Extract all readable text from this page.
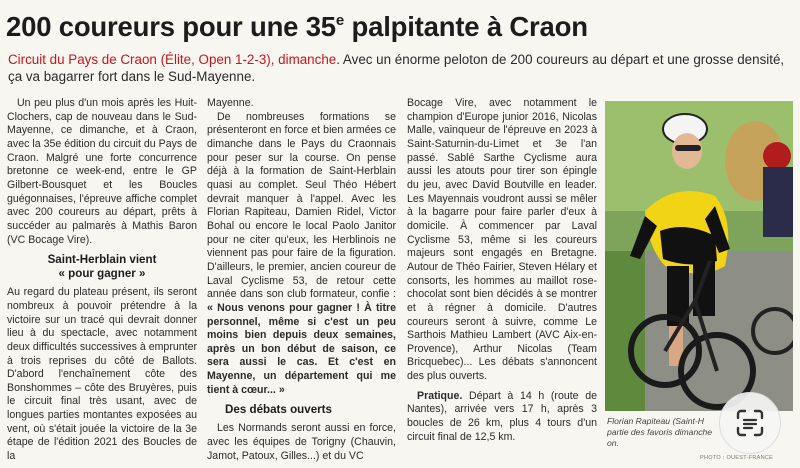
200 coureurs pour une 35e palpitante à Craon

Circuit du Pays de Craon (Élite, Open 1-2-3), dimanche. Avec un énorme peloton de 200 coureurs au départ et une grosse densité, ça va bagarrer fort dans le Sud-Mayenne.

Un peu plus d'un mois après les Huit-Clochers, cap de nouveau dans le Sud-Mayenne, ce dimanche, et à Craon, avec la 35e édition du circuit du Pays de Craon. Malgré une forte concurrence bretonne ce week-end, entre le GP Gilbert-Bousquet et les Boucles guégonnaises, l'épreuve affiche complet avec 200 coureurs au départ, prêts à succéder au palmarès à Mathis Baron (VC Bocage Vire).

Saint-Herblain vient
« pour gagner »

Au regard du plateau présent, ils seront nombreux à pouvoir prétendre à la victoire sur un tracé qui devrait donner lieu à du spectacle, avec notamment deux difficultés successives à emprunter à trois reprises du côté de Ballots. D'abord l'enchaînement côte des Bonshommes – côte des Bruyères, puis le circuit final très usant, avec de longues parties montantes exposées au vent, où s'était jouée la victoire de la 3e étape de l'édition 2021 des Boucles de la

Mayenne.

De nombreuses formations se présenteront en force et bien armées ce dimanche dans le Pays du Craonnais pour peser sur la course. On pense déjà à la formation de Saint-Herblain quasi au complet. Seul Théo Hébert devrait manquer à l'appel. Avec les Florian Rapiteau, Damien Ridel, Victor Bohal ou encore le local Paolo Janitor pour ne citer qu'eux, les Herblinois ne viennent pas pour faire de la figuration. D'ailleurs, le premier, ancien coureur de Laval Cyclisme 53, de retour cette année dans son club formateur, confie : « Nous venons pour gagner ! À titre personnel, même si c'est un peu moins bien depuis deux semaines, après un bon début de saison, ce sera aussi le cas. Et c'est en Mayenne, un département qui me tient à cœur... »

Des débats ouverts

Les Normands seront aussi en force, avec les équipes de Torigny (Chauvin, Jamot, Patoux, Gilles...) et du VC

Bocage Vire, avec notamment le champion d'Europe junior 2016, Nicolas Malle, vainqueur de l'épreuve en 2023 à Saint-Saturnin-du-Limet et 3e l'an passé. Sablé Sarthe Cyclisme aura aussi les atouts pour tirer son épingle du jeu, avec David Boutville en leader. Les Mayennais voudront aussi se mêler à la bagarre pour faire parler d'eux à domicile. À commencer par Laval Cyclisme 53, même si les coureurs majeurs sont engagés en Bretagne. Autour de Théo Fairier, Steven Hélary et consorts, les hommes au maillot rose-chocolat sont bien décidés à se montrer et à régner à domicile. D'autres coureurs seront à suivre, comme Le Sarthois Mathieu Lambert (AVC Aix-en-Provence), Arthur Nicolas (Team Bricquebec)... Les débats s'annoncent des plus ouverts.

Pratique. Départ à 14 h (route de Nantes), arrivée vers 17 h, après 3 boucles de 26 km, plus 4 tours d'un circuit final de 12,5 km.

Florian Rapiteau (Saint-H
partie des favoris dimanche
on.
PHOTO : OUEST-FRANCE
